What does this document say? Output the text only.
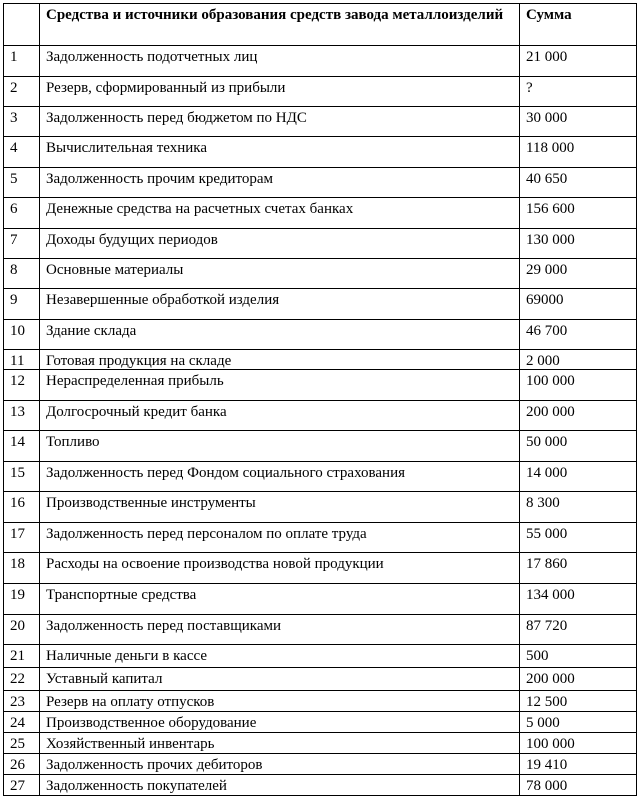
	Средства и источники образования средств завода металлоизделий	Сумма
1	Задолженность подотчетных лиц	21 000
2	Резерв, сформированный из прибыли	?
3	Задолженность перед бюджетом по НДС	30 000
4	Вычислительная техника	118 000
5	Задолженность прочим кредиторам	40 650
6	Денежные средства на расчетных счетах банках	156 600
7	Доходы будущих периодов	130 000
8	Основные материалы	29 000
9	Незавершенные обработкой изделия	69000
10	Здание склада	46 700
11	Готовая продукция на складе	2 000
12	Нераспределенная прибыль	100 000
13	Долгосрочный кредит банка	200 000
14	Топливо	50 000
15	Задолженность перед Фондом социального страхования	14 000
16	Производственные инструменты	8 300
17	Задолженность перед персоналом по оплате труда	55 000
18	Расходы на освоение производства новой продукции	17 860
19	Транспортные средства	134 000
20	Задолженность перед поставщиками	87 720
21	Наличные деньги в кассе	500
22	Уставный капитал	200 000
23	Резерв на оплату отпусков	12 500
24	Производственное оборудование	5 000
25	Хозяйственный инвентарь	100 000
26	Задолженность прочих дебиторов	19 410
27	Задолженность покупателей	78 000
